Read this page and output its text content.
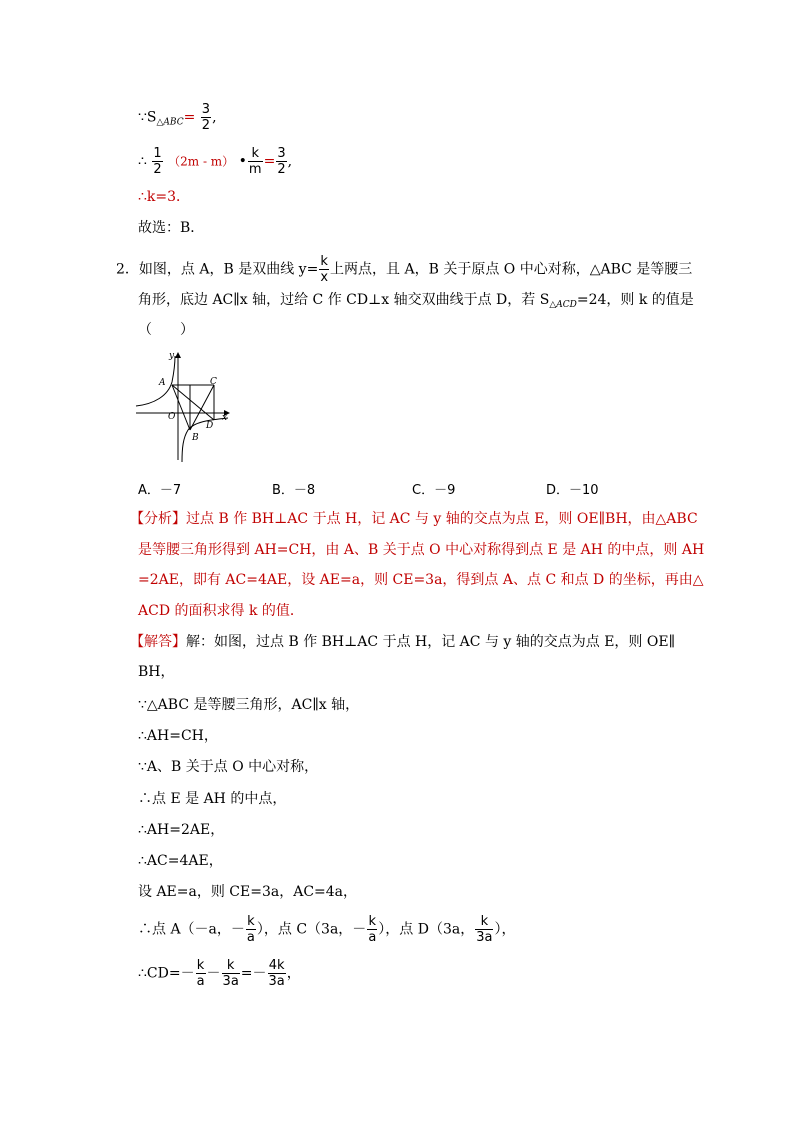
$\because S_{\triangle ABC}= \frac{3}{2}$ ,
∴ $\frac{1}{2} (2m - m)$ • $\frac{k}{m} = \frac{3}{2}$ ,
∴k=3．
故选：B．
2．如图，点 A，B 是双曲线 $y= \frac{k}{x}$ 上两点，且 A，B 关于原点 O 中心对称，△ABC 是等腰三
角形，底边 AC∥x 轴，过给 C 作 CD⊥x 轴交双曲线于点 D，若 $S_{\triangle ACD}=24$，则 k 的值是
（　　）
y
x
A	C
O
D
B
A．－7	B．－8	C．－9	D．－10
【分析】过点 B 作 BH⊥AC 于点 H，记 AC 与 y 轴的交点为点 E，则 OE∥BH，由△ABC
是等腰三角形得到 AH=CH，由 A、B 关于点 O 中心对称得到点 E 是 AH 的中点，则 AH
=2AE，即有 AC=4AE，设 AE=a，则 CE=3a，得到点 A、点 C 和点 D 的坐标，再由△
ACD 的面积求得 k 的值．
【解答】解：如图，过点 B 作 BH⊥AC 于点 H，记 AC 与 y 轴的交点为点 E，则 OE∥
BH，
∵△ABC 是等腰三角形，AC∥x 轴，
∴AH=CH，
∵A、B 关于点 O 中心对称，
∴点 E 是 AH 的中点，
∴AH=2AE，
∴AC=4AE，
设 AE=a，则 CE=3a，AC=4a，
∴点 A（－a，－ $\frac{k}{a}$ ），点 C（3a，－ $\frac{k}{a}$ ），点 D（3a， $\frac{k}{3a}$ ），
∴CD=－ $\frac{k}{a} - \frac{k}{3a} =- \frac{4k}{3a}$ ，
